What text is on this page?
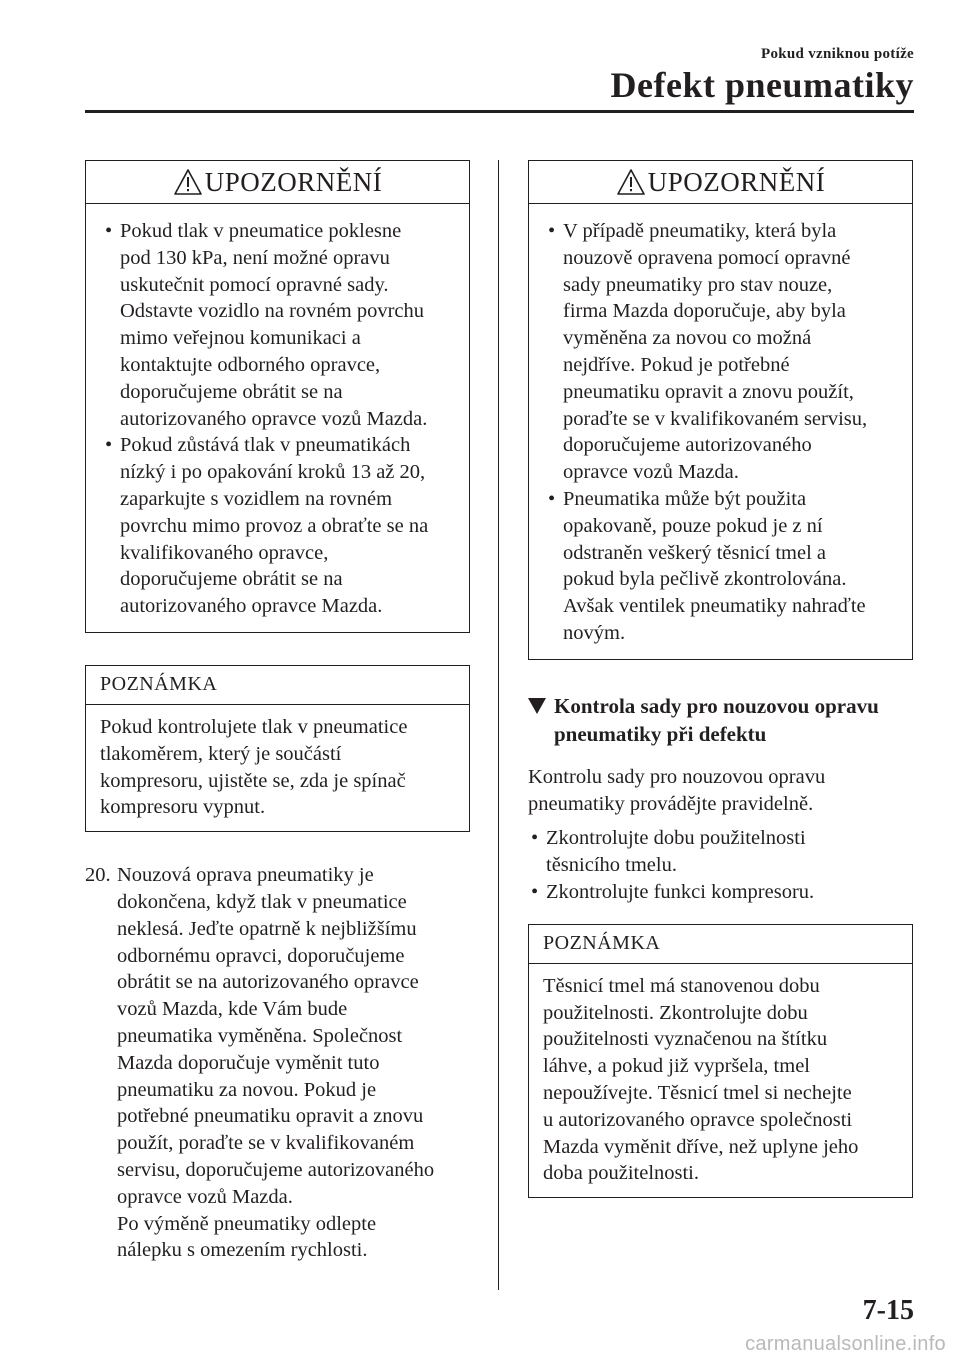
Pokud vzniknou potíže
Defekt pneumatiky
UPOZORNĚNÍ
• Pokud tlak v pneumatice poklesne
pod 130 kPa, není možné opravu
uskutečnit pomocí opravné sady.
Odstavte vozidlo na rovném povrchu
mimo veřejnou komunikaci a
kontaktujte odborného opravce,
doporučujeme obrátit se na
autorizovaného opravce vozů Mazda.
• Pokud zůstává tlak v pneumatikách
nízký i po opakování kroků 13 až 20,
zaparkujte s vozidlem na rovném
povrchu mimo provoz a obraťte se na
kvalifikovaného opravce,
doporučujeme obrátit se na
autorizovaného opravce Mazda.
POZNÁMKA
Pokud kontrolujete tlak v pneumatice
tlakoměrem, který je součástí
kompresoru, ujistěte se, zda je spínač
kompresoru vypnut.
20. Nouzová oprava pneumatiky je
dokončena, když tlak v pneumatice
neklesá. Jeďte opatrně k nejbližšímu
odbornému opravci, doporučujeme
obrátit se na autorizovaného opravce
vozů Mazda, kde Vám bude
pneumatika vyměněna. Společnost
Mazda doporučuje vyměnit tuto
pneumatiku za novou. Pokud je
potřebné pneumatiku opravit a znovu
použít, poraďte se v kvalifikovaném
servisu, doporučujeme autorizovaného
opravce vozů Mazda.
Po výměně pneumatiky odlepte
nálepku s omezením rychlosti.
UPOZORNĚNÍ
• V případě pneumatiky, která byla
nouzově opravena pomocí opravné
sady pneumatiky pro stav nouze,
firma Mazda doporučuje, aby byla
vyměněna za novou co možná
nejdříve. Pokud je potřebné
pneumatiku opravit a znovu použít,
poraďte se v kvalifikovaném servisu,
doporučujeme autorizovaného
opravce vozů Mazda.
• Pneumatika může být použita
opakovaně, pouze pokud je z ní
odstraněn veškerý těsnicí tmel a
pokud byla pečlivě zkontrolována.
Avšak ventilek pneumatiky nahraďte
novým.
Kontrola sady pro nouzovou opravu
pneumatiky při defektu
Kontrolu sady pro nouzovou opravu
pneumatiky provádějte pravidelně.
• Zkontrolujte dobu použitelnosti
těsnicího tmelu.
• Zkontrolujte funkci kompresoru.
POZNÁMKA
Těsnicí tmel má stanovenou dobu
použitelnosti. Zkontrolujte dobu
použitelnosti vyznačenou na štítku
láhve, a pokud již vypršela, tmel
nepoužívejte. Těsnicí tmel si nechejte
u autorizovaného opravce společnosti
Mazda vyměnit dříve, než uplyne jeho
doba použitelnosti.
7-15
carmanualsonline.info
